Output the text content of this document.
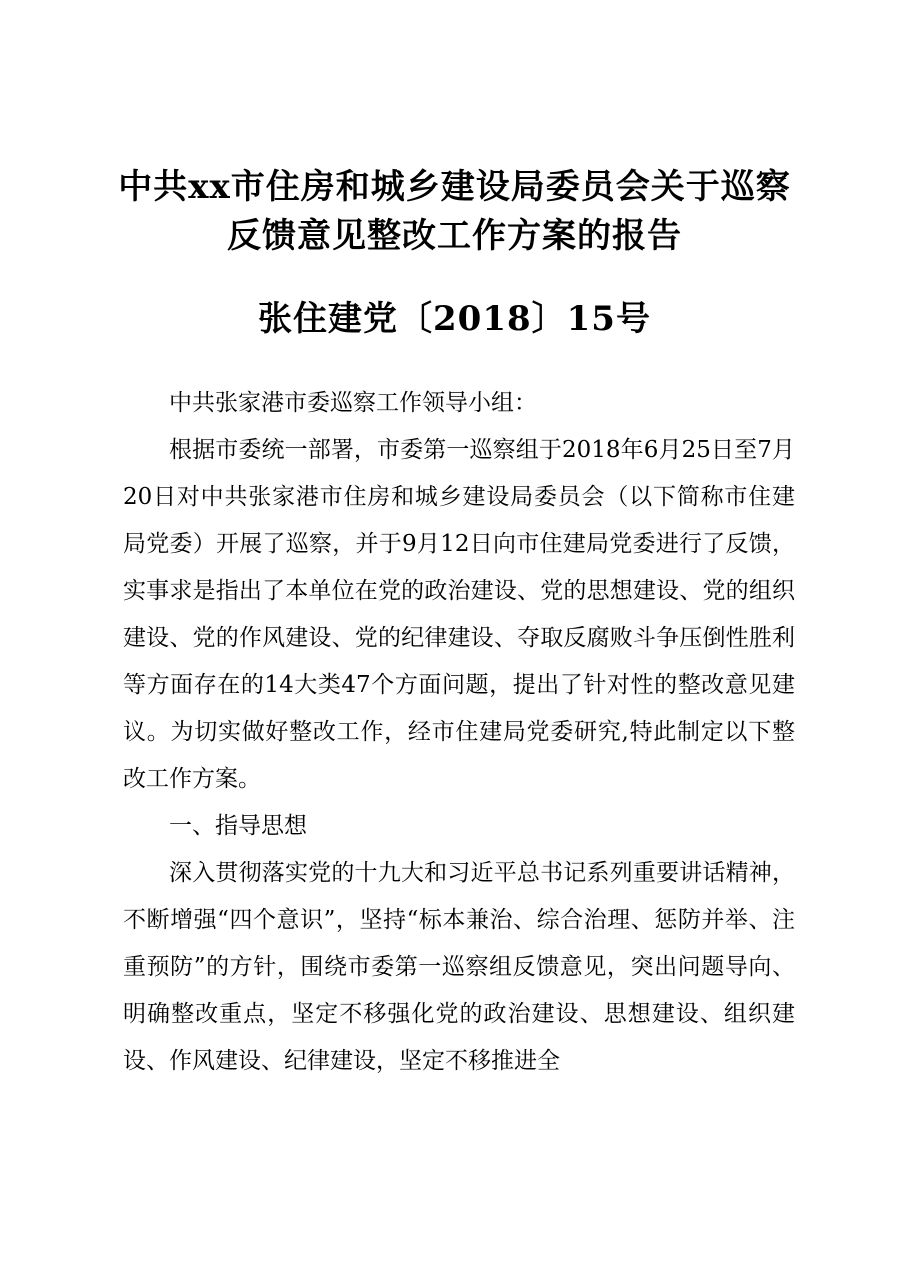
中共xx市住房和城乡建设局委员会关于巡察
反馈意见整改工作方案的报告
张住建党〔2018〕15号

中共张家港市委巡察工作领导小组：

根据市委统一部署，市委第一巡察组于2018年6月25日至7月20日对中共张家港市住房和城乡建设局委员会（以下简称市住建局党委）开展了巡察，并于9月12日向市住建局党委进行了反馈，实事求是指出了本单位在党的政治建设、党的思想建设、党的组织建设、党的作风建设、党的纪律建设、夺取反腐败斗争压倒性胜利等方面存在的14大类47个方面问题，提出了针对性的整改意见建议。为切实做好整改工作，经市住建局党委研究,特此制定以下整改工作方案。

一、指导思想

深入贯彻落实党的十九大和习近平总书记系列重要讲话精神，不断增强“四个意识”，坚持“标本兼治、综合治理、惩防并举、注重预防”的方针，围绕市委第一巡察组反馈意见，突出问题导向、明确整改重点，坚定不移强化党的政治建设、思想建设、组织建设、作风建设、纪律建设，坚定不移推进全
